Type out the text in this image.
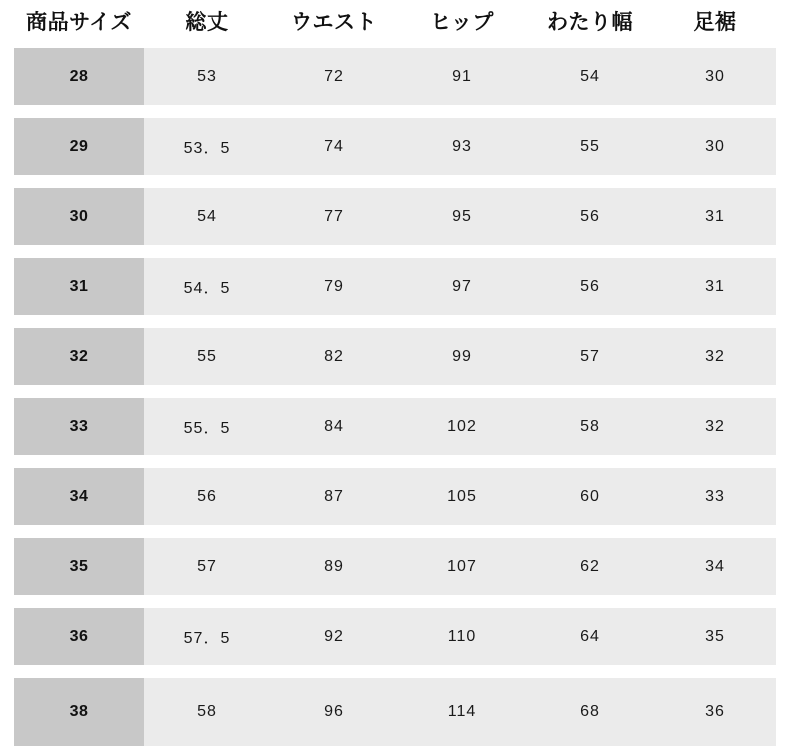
商品サイズ	総丈	ウエスト	ヒップ	わたり幅	足裾
28	53	72	91	54	30
29	53．5	74	93	55	30
30	54	77	95	56	31
31	54．5	79	97	56	31
32	55	82	99	57	32
33	55．5	84	102	58	32
34	56	87	105	60	33
35	57	89	107	62	34
36	57．5	92	110	64	35
38	58	96	114	68	36
